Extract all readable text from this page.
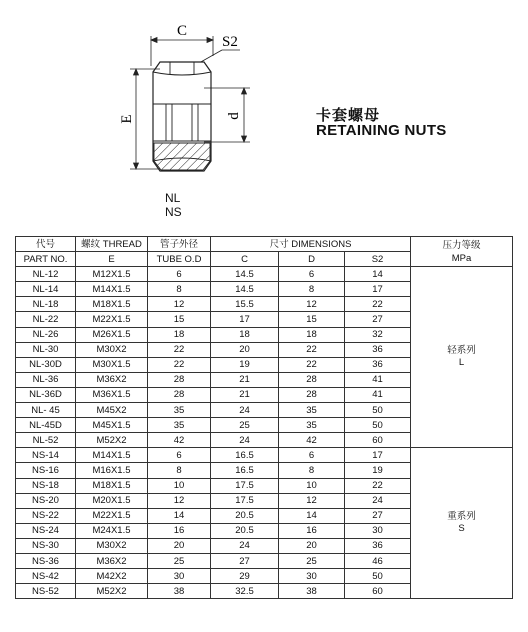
C
S2
E	d	卡套螺母
RETAINING NUTS
NL
NS
代号	螺纹 THREAD	管子外径	尺寸 DIMENSIONS			压力等级
MPa

PART NO.	E	TUBE O.D	C	D	S2	
NL-12	M12X1.5	6	14.5	6	14	轻系列
L

NL-14	M14X1.5	8	14.5	8	17	
NL-18	M18X1.5	12	15.5	12	22	
NL-22	M22X1.5	15	17	15	27	
NL-26	M26X1.5	18	18	18	32	
NL-30	M30X2	22	20	22	36	
NL-30D	M30X1.5	22	19	22	36	
NL-36	M36X2	28	21	28	41	
NL-36D	M36X1.5	28	21	28	41	
NL- 45	M45X2	35	24	35	50	
NL-45D	M45X1.5	35	25	35	50	
NL-52	M52X2	42	24	42	60	
NS-14	M14X1.5	6	16.5	6	17	重系列
S

NS-16	M16X1.5	8	16.5	8	19	
NS-18	M18X1.5	10	17.5	10	22	
NS-20	M20X1.5	12	17.5	12	24	
NS-22	M22X1.5	14	20.5	14	27	
NS-24	M24X1.5	16	20.5	16	30	
NS-30	M30X2	20	24	20	36	
NS-36	M36X2	25	27	25	46	
NS-42	M42X2	30	29	30	50	
NS-52	M52X2	38	32.5	38	60	
